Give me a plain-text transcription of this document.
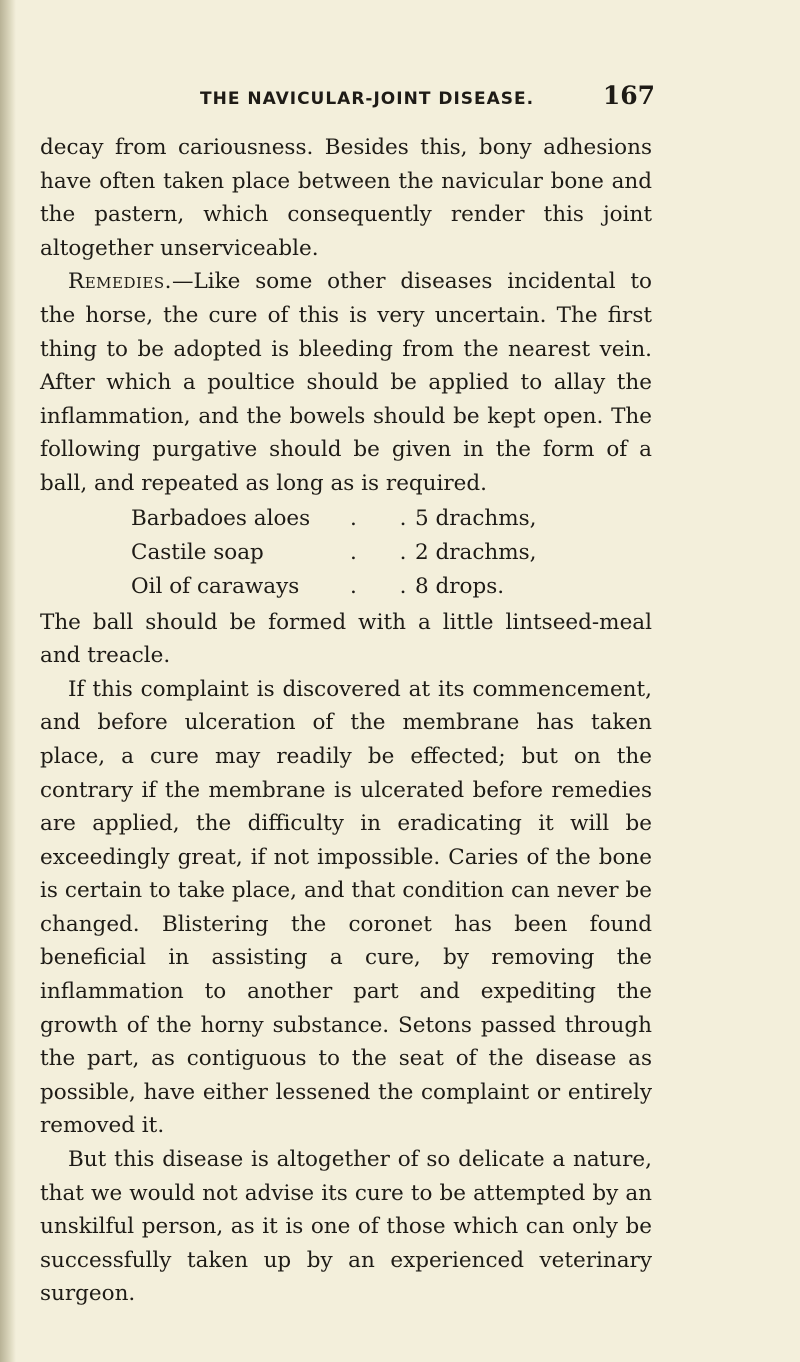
THE NAVICULAR-JOINT DISEASE.	167

decay from cariousness. Besides this, bony adhesions have often taken place between the navicular bone and the pastern, which consequently render this joint altogether unserviceable.

Remedies.—Like some other diseases incidental to the horse, the cure of this is very uncertain. The first thing to be adopted is bleeding from the nearest vein. After which a poultice should be applied to allay the inflammation, and the bowels should be kept open. The following purgative should be given in the form of a ball, and repeated as long as is required.

Barbadoes aloes . .
5 drachms,
Castile soap	. .
2 drachms,
Oil of caraways . .
8 drops.

The ball should be formed with a little lintseed-meal and treacle.

If this complaint is discovered at its commencement, and before ulceration of the membrane has taken place, a cure may readily be effected; but on the contrary if the membrane is ulcerated before remedies are applied, the difficulty in eradicating it will be exceedingly great, if not impossible. Caries of the bone is certain to take place, and that condition can never be changed. Blistering the coronet has been found beneficial in assisting a cure, by removing the inflammation to another part and expediting the growth of the horny substance. Setons passed through the part, as contiguous to the seat of the disease as possible, have either lessened the complaint or entirely removed it.

But this disease is altogether of so delicate a nature, that we would not advise its cure to be attempted by an unskilful person, as it is one of those which can only be successfully taken up by an experienced veterinary surgeon.
